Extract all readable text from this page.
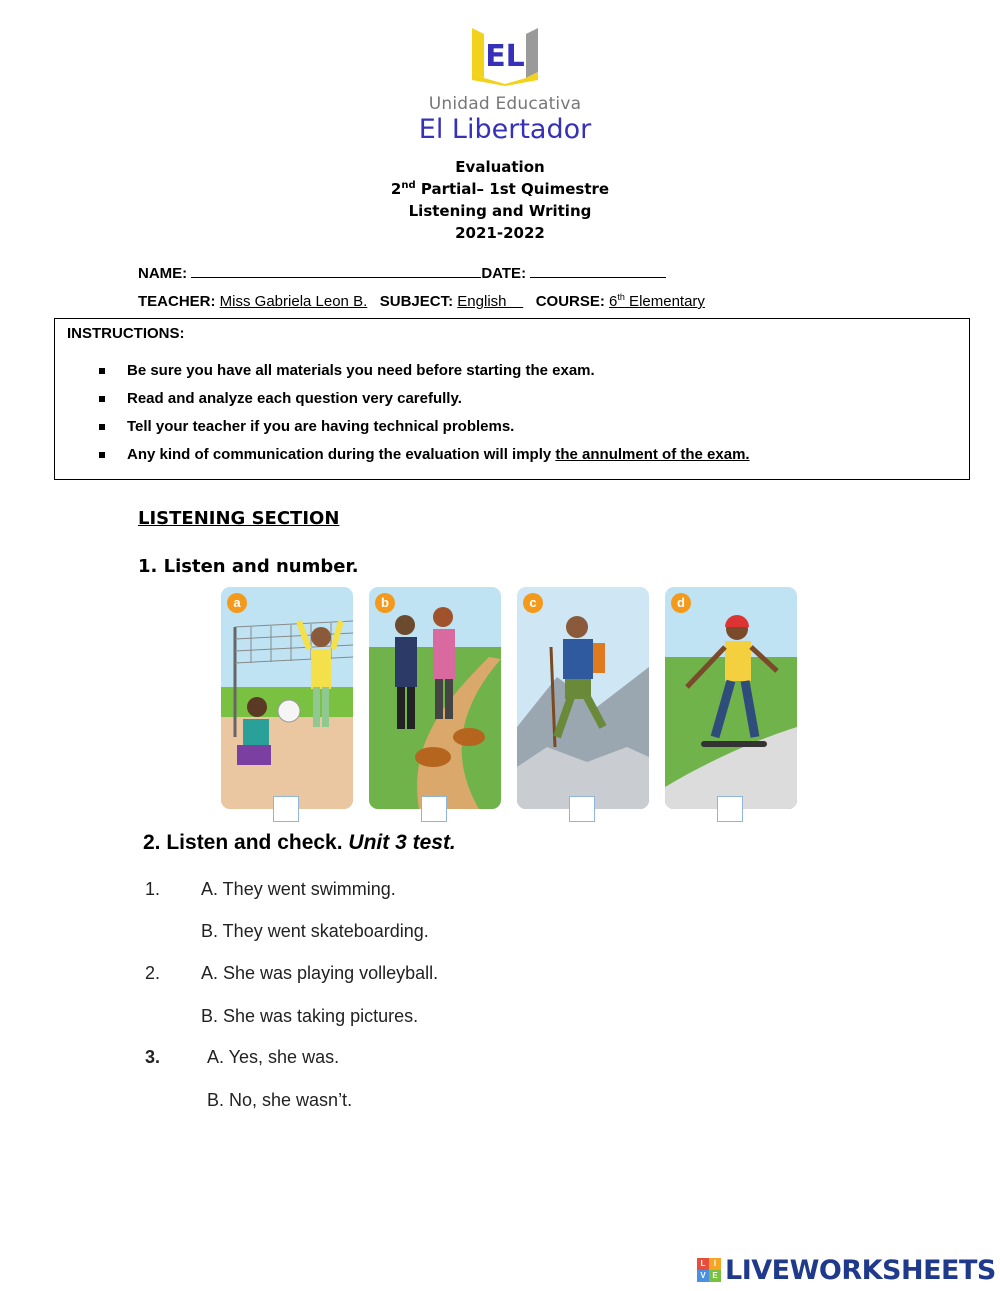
EL
Unidad Educativa
El Libertador
Evaluation
2nd Partial– 1st Quimestre
Listening and Writing
2021-2022
NAME:	DATE:
TEACHER: Miss Gabriela Leon B. SUBJECT: English COURSE: 6th Elementary
INSTRUCTIONS:
Be sure you have all materials you need before starting the exam.
Read and analyze each question very carefully.
Tell your teacher if you are having technical problems.
Any kind of communication during the evaluation will imply the annulment of the exam.
LISTENING SECTION
1. Listen and number.
a	b	c	d
2. Listen and check. Unit 3 test.
1. A. They went swimming.
B. They went skateboarding.
2. A. She was playing volleyball.
B. She was taking pictures.
3.	A. Yes, she was.
B. No, she wasn’t.
L	I
V E LIVEWORKSHEETS
